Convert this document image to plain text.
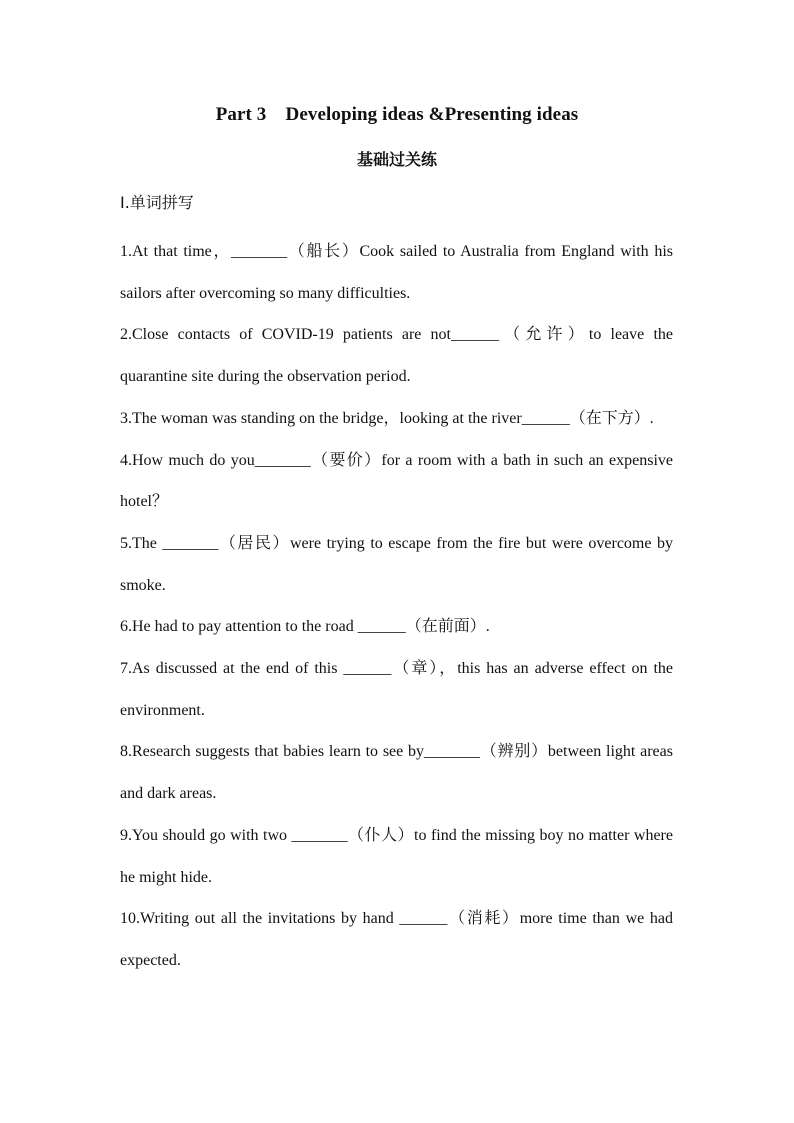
Part 3 Developing ideas &Presenting ideas
基础过关练
Ⅰ.单词拼写
1.At that time，_______（船长）Cook sailed to Australia from England with his sailors after overcoming so many difficulties.
2.Close contacts of COVID-19 patients are not______（允许）to leave the quarantine site during the observation period.
3.The woman was standing on the bridge，looking at the river______（在下方）.
4.How much do you_______（要价）for a room with a bath in such an expensive hotel？
5.The _______（居民）were trying to escape from the fire but were overcome by smoke.
6.He had to pay attention to the road ______（在前面）.
7.As discussed at the end of this ______（章），this has an adverse effect on the environment.
8.Research suggests that babies learn to see by_______（辨别）between light areas and dark areas.
9.You should go with two _______（仆人）to find the missing boy no matter where he might hide.
10.Writing out all the invitations by hand ______（消耗）more time than we had expected.
